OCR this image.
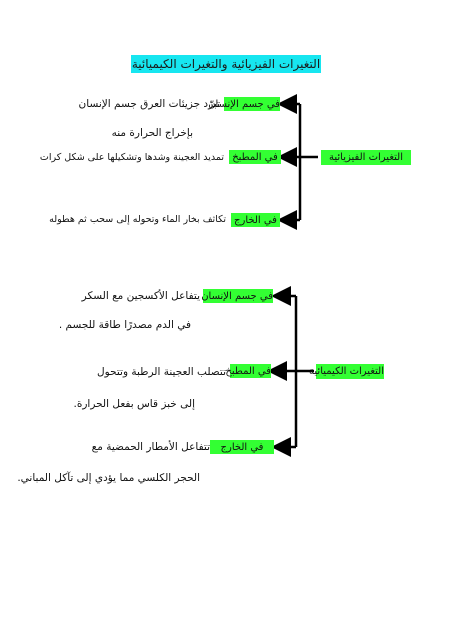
التغيرات الفيزيائية والتغيرات الكيميائية
التغيرات الفيزيائية
في جسم الإنسان
تبرّد جزيئات العرق جسم الإنسان
بإخراج الحرارة منه
في المطبخ
تمديد العجينة وشدها وتشكيلها على شكل كرات
في الخارج
تكاثف بخار الماء وتحوله إلى سحب ثم هطوله
التغيرات الكيميائية
في جسم الإنسان
يتفاعل الأكسجين مع السكر
في الدم مصدرًا طاقة للجسم .
في المطبخ
تتصلب العجينة الرطبة وتتحول
إلى خبز قاس بفعل الحرارة.
في الخارج
تتفاعل الأمطار الحمضية مع
الحجر الكلسي مما يؤدي إلى تآكل المباني.
